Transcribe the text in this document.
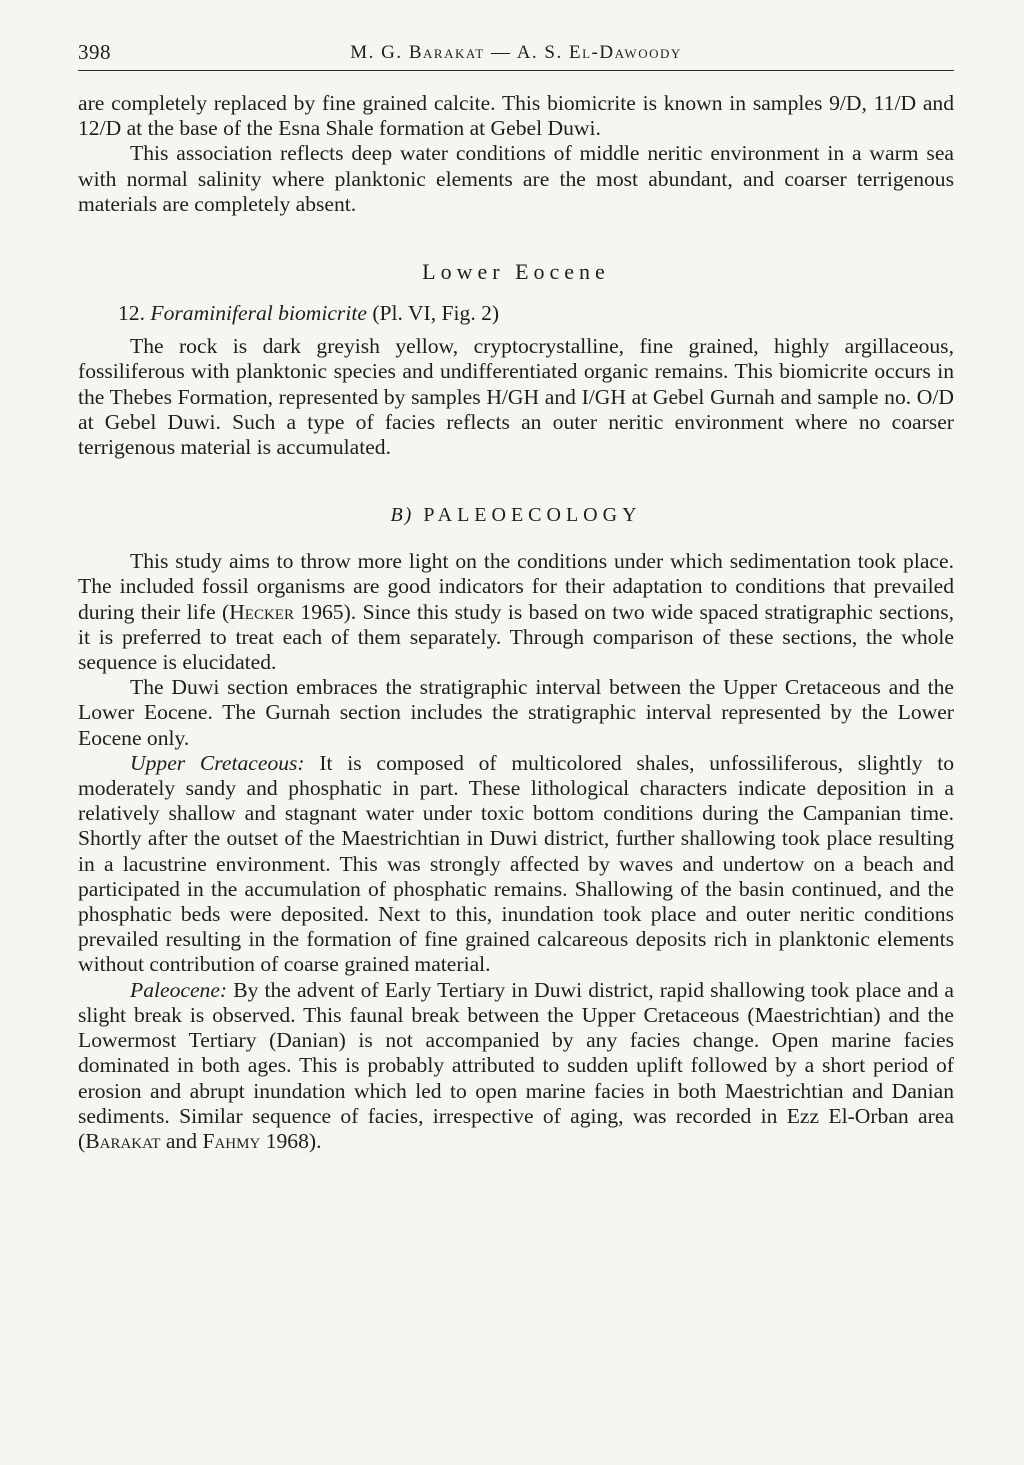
398	M. G. Barakat — A. S. El-Dawoody

are completely replaced by fine grained calcite. This biomicrite is known in samples 9/D, 11/D and 12/D at the base of the Esna Shale formation at Gebel Duwi.

This association reflects deep water conditions of middle neritic environment in a warm sea with normal salinity where planktonic elements are the most abundant, and coarser terrigenous materials are completely absent.

Lower Eocene

12. Foraminiferal biomicrite (Pl. VI, Fig. 2)

The rock is dark greyish yellow, cryptocrystalline, fine grained, highly argillaceous, fossiliferous with planktonic species and undifferentiated organic remains. This biomicrite occurs in the Thebes Formation, represented by samples H/GH and I/GH at Gebel Gurnah and sample no. O/D at Gebel Duwi. Such a type of facies reflects an outer neritic environment where no coarser terrigenous material is accumulated.

B) PALEOECOLOGY

This study aims to throw more light on the conditions under which sedimentation took place. The included fossil organisms are good indicators for their adaptation to conditions that prevailed during their life (Hecker 1965). Since this study is based on two wide spaced stratigraphic sections, it is preferred to treat each of them separately. Through comparison of these sections, the whole sequence is elucidated.

The Duwi section embraces the stratigraphic interval between the Upper Cretaceous and the Lower Eocene. The Gurnah section includes the stratigraphic interval represented by the Lower Eocene only.

Upper Cretaceous: It is composed of multicolored shales, unfossiliferous, slightly to moderately sandy and phosphatic in part. These lithological characters indicate deposition in a relatively shallow and stagnant water under toxic bottom conditions during the Campanian time. Shortly after the outset of the Maestrichtian in Duwi district, further shallowing took place resulting in a lacustrine environment. This was strongly affected by waves and undertow on a beach and participated in the accumulation of phosphatic remains. Shallowing of the basin continued, and the phosphatic beds were deposited. Next to this, inundation took place and outer neritic conditions prevailed resulting in the formation of fine grained calcareous deposits rich in planktonic elements without contribution of coarse grained material.

Paleocene: By the advent of Early Tertiary in Duwi district, rapid shallowing took place and a slight break is observed. This faunal break between the Upper Cretaceous (Maestrichtian) and the Lowermost Tertiary (Danian) is not accompanied by any facies change. Open marine facies dominated in both ages. This is probably attributed to sudden uplift followed by a short period of erosion and abrupt inundation which led to open marine facies in both Maestrichtian and Danian sediments. Similar sequence of facies, irrespective of aging, was recorded in Ezz El-Orban area (Barakat and Fahmy 1968).
